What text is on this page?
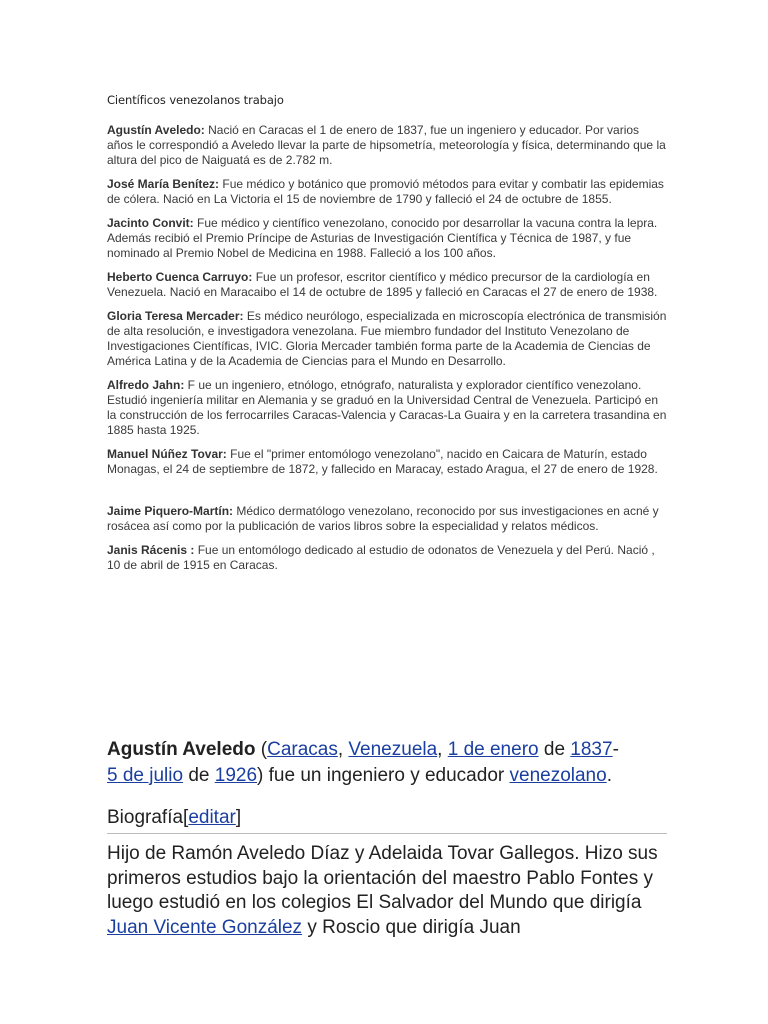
Científicos venezolanos trabajo

Agustín Aveledo: Nació en Caracas el 1 de enero de 1837, fue un ingeniero y educador. Por varios años le correspondió a Aveledo llevar la parte de hipsometría, meteorología y física, determinando que la altura del pico de Naiguatá es de 2.782 m.

José María Benítez: Fue médico y botánico que promovió métodos para evitar y combatir las epidemias de cólera. Nació en La Victoria el 15 de noviembre de 1790 y falleció el 24 de octubre de 1855.

Jacinto Convit: Fue médico y científico venezolano, conocido por desarrollar la vacuna contra la lepra. Además recibió el Premio Príncipe de Asturias de Investigación Científica y Técnica de 1987, y fue nominado al Premio Nobel de Medicina en 1988. Falleció a los 100 años.

Heberto Cuenca Carruyo: Fue un profesor, escritor científico y médico precursor de la cardiología en Venezuela. Nació en Maracaibo el 14 de octubre de 1895 y falleció en Caracas el 27 de enero de 1938.

Gloria Teresa Mercader: Es médico neurólogo, especializada en microscopía electrónica de transmisión de alta resolución, e investigadora venezolana. Fue miembro fundador del Instituto Venezolano de Investigaciones Científicas, IVIC. Gloria Mercader también forma parte de la Academia de Ciencias de América Latina y de la Academia de Ciencias para el Mundo en Desarrollo.

Alfredo Jahn: F ue un ingeniero, etnólogo, etnógrafo, naturalista y explorador científico venezolano. Estudió ingeniería militar en Alemania y se graduó en la Universidad Central de Venezuela. Participó en la construcción de los ferrocarriles Caracas-Valencia y Caracas-La Guaira y en la carretera trasandina en 1885 hasta 1925.

Manuel Núñez Tovar: Fue el "primer entomólogo venezolano", nacido en Caicara de Maturín, estado Monagas, el 24 de septiembre de 1872, y fallecido en Maracay, estado Aragua, el 27 de enero de 1928.

Jaime Piquero-Martín: Médico dermatólogo venezolano, reconocido por sus investigaciones en acné y rosácea así como por la publicación de varios libros sobre la especialidad y relatos médicos.

Janis Rácenis : Fue un entomólogo dedicado al estudio de odonatos de Venezuela y del Perú. Nació , 10 de abril de 1915 en Caracas.

Agustín Aveledo (Caracas, Venezuela, 1 de enero de 1837-
5 de julio de 1926) fue un ingeniero y educador venezolano.

Biografía[editar]
Hijo de Ramón Aveledo Díaz y Adelaida Tovar Gallegos. Hizo sus primeros estudios bajo la orientación del maestro Pablo Fontes y luego estudió en los colegios El Salvador del Mundo que dirigía Juan Vicente González y Roscio que dirigía Juan
